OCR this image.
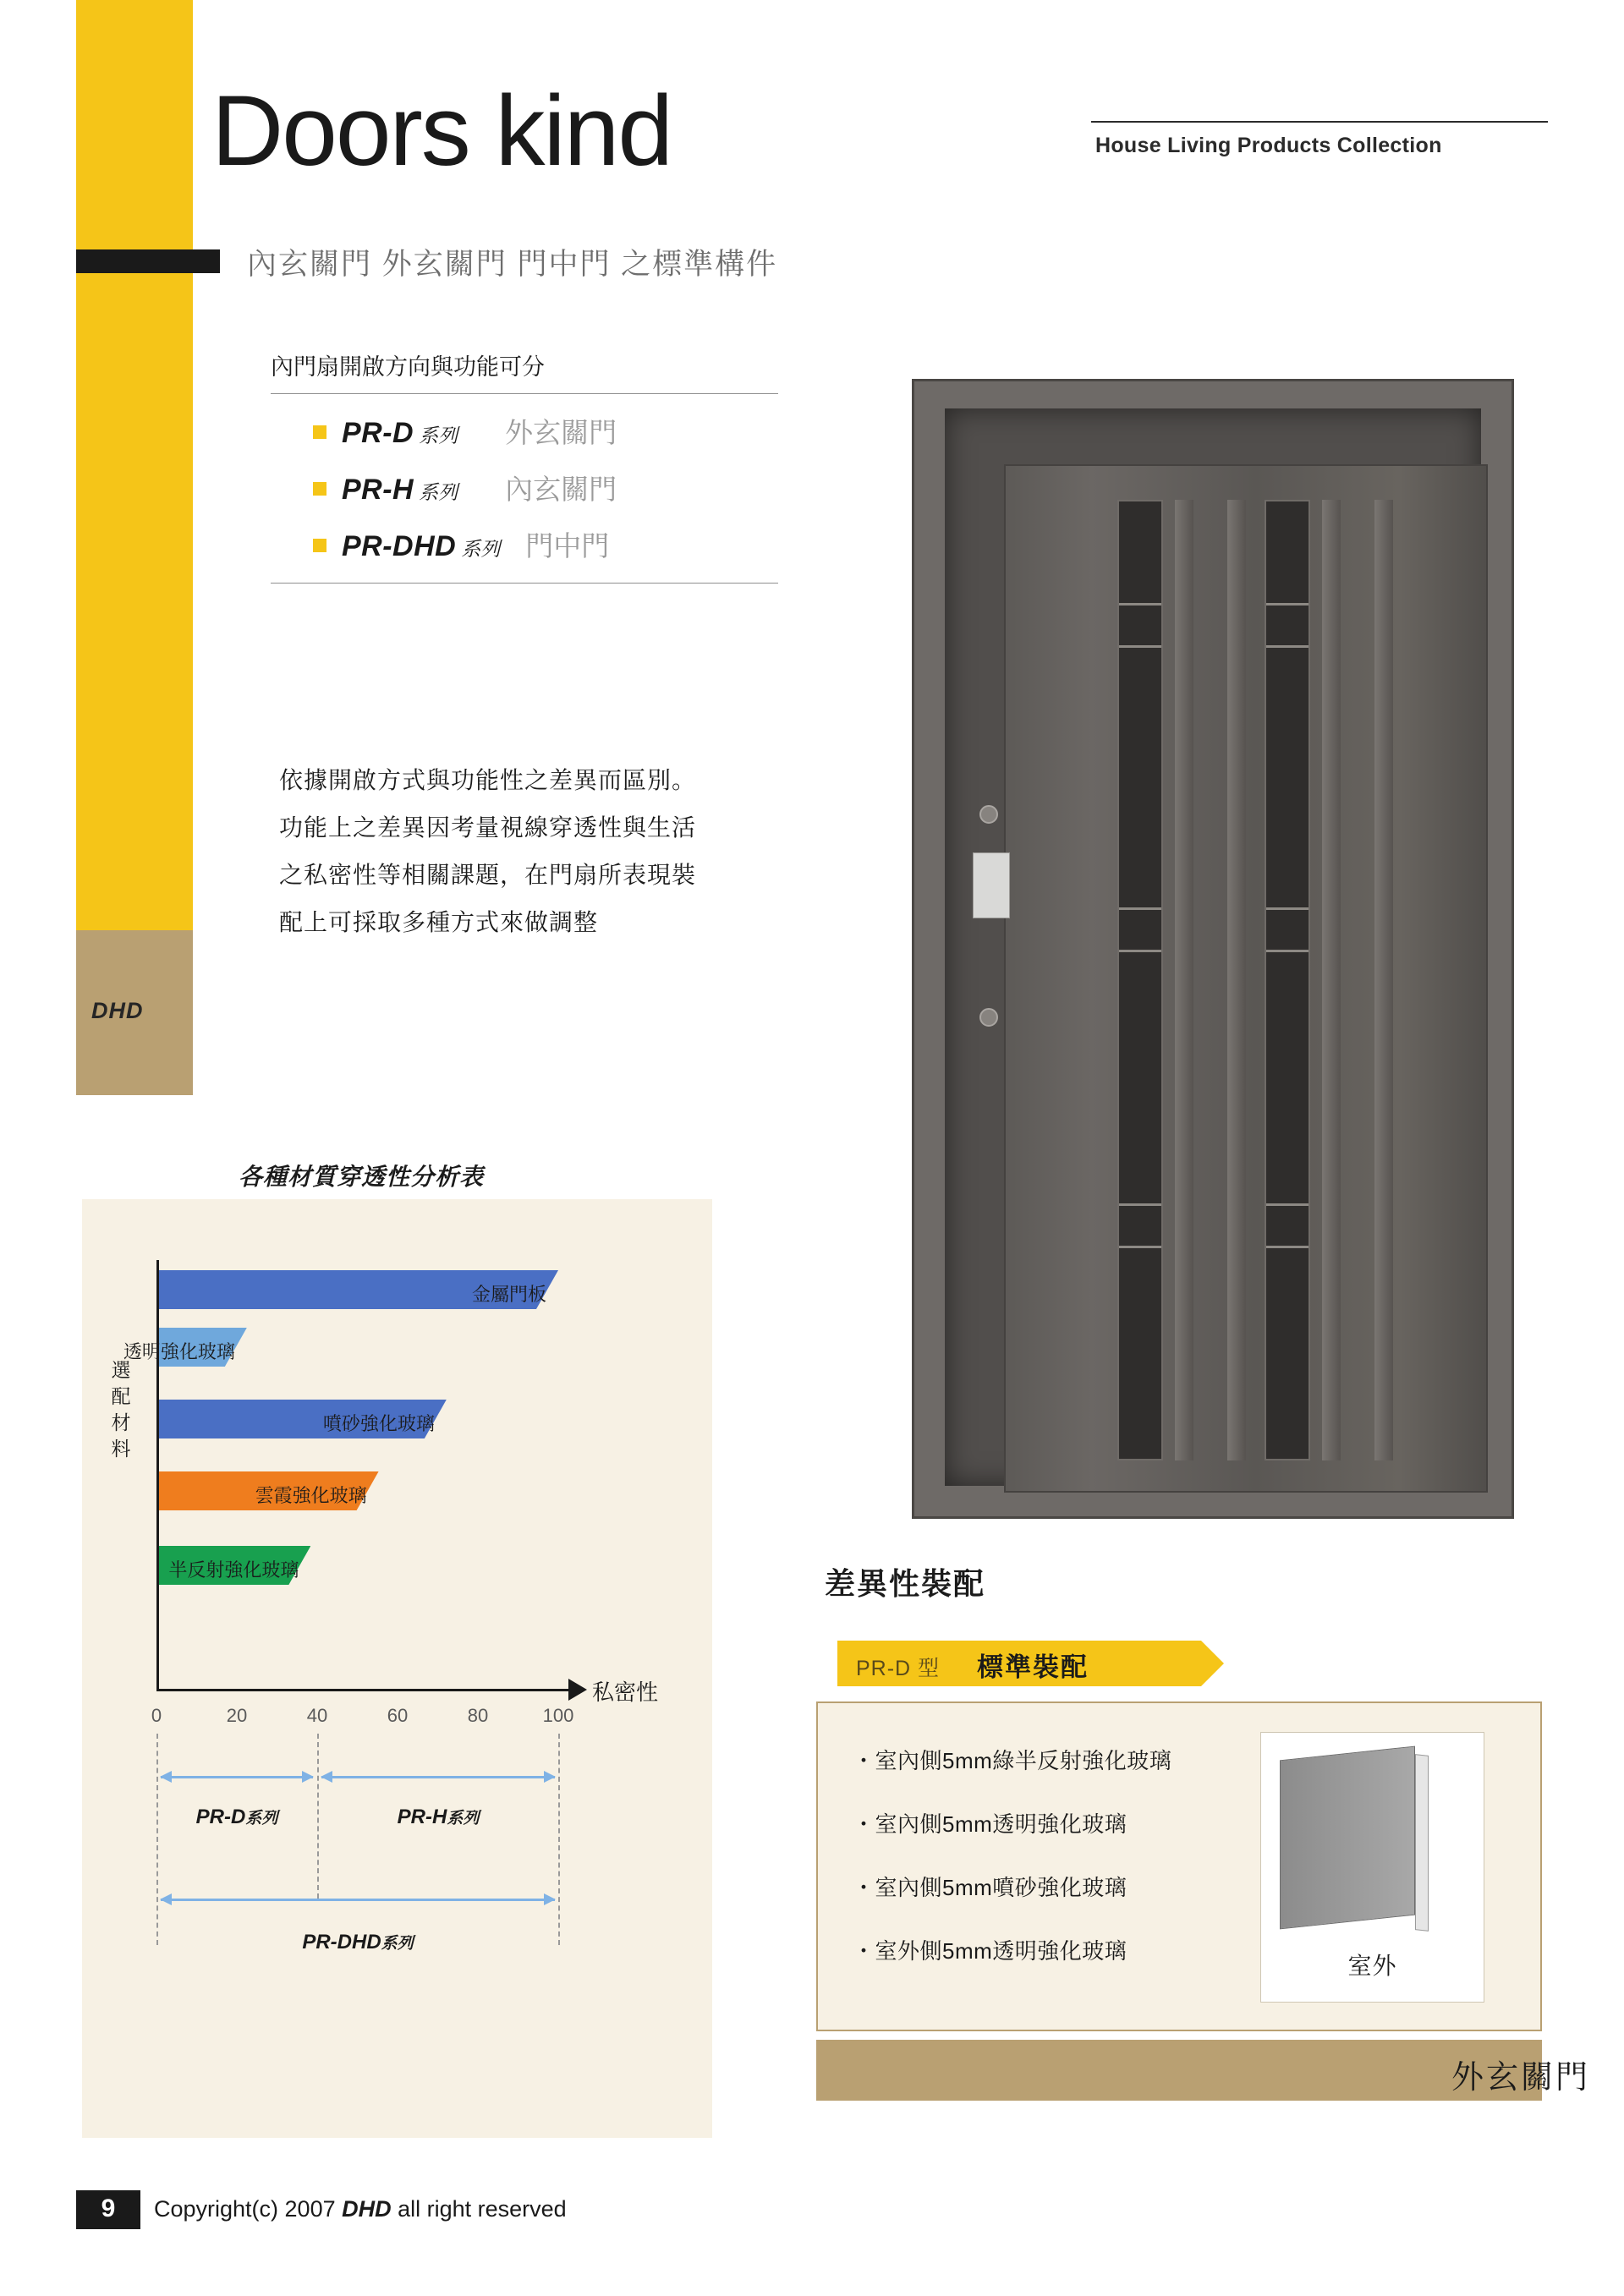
DHD
Doors kind
內玄關門 外玄關門 門中門 之標準構件
House Living Products Collection
內門扇開啟方向與功能可分
PR-D 系列 外玄關門
PR-H 系列 內玄關門
PR-DHD 系列 門中門
依據開啟方式與功能性之差異而區別。功能上之差異因考量視線穿透性與生活之私密性等相關課題，在門扇所表現裝配上可採取多種方式來做調整
各種材質穿透性分析表
選配材料
私密性
金屬門板
透明強化玻璃
噴砂強化玻璃
雲霞強化玻璃
半反射強化玻璃
0	20	40	60	80	100
PR-D系列	PR-H系列
PR-DHD系列
差異性裝配
PR-D 型 標準裝配
・室內側5mm綠半反射強化玻璃
・室內側5mm透明強化玻璃
・室內側5mm噴砂強化玻璃
・室外側5mm透明強化玻璃
室外
外玄關門
9	Copyright(c) 2007 DHD all right reserved
